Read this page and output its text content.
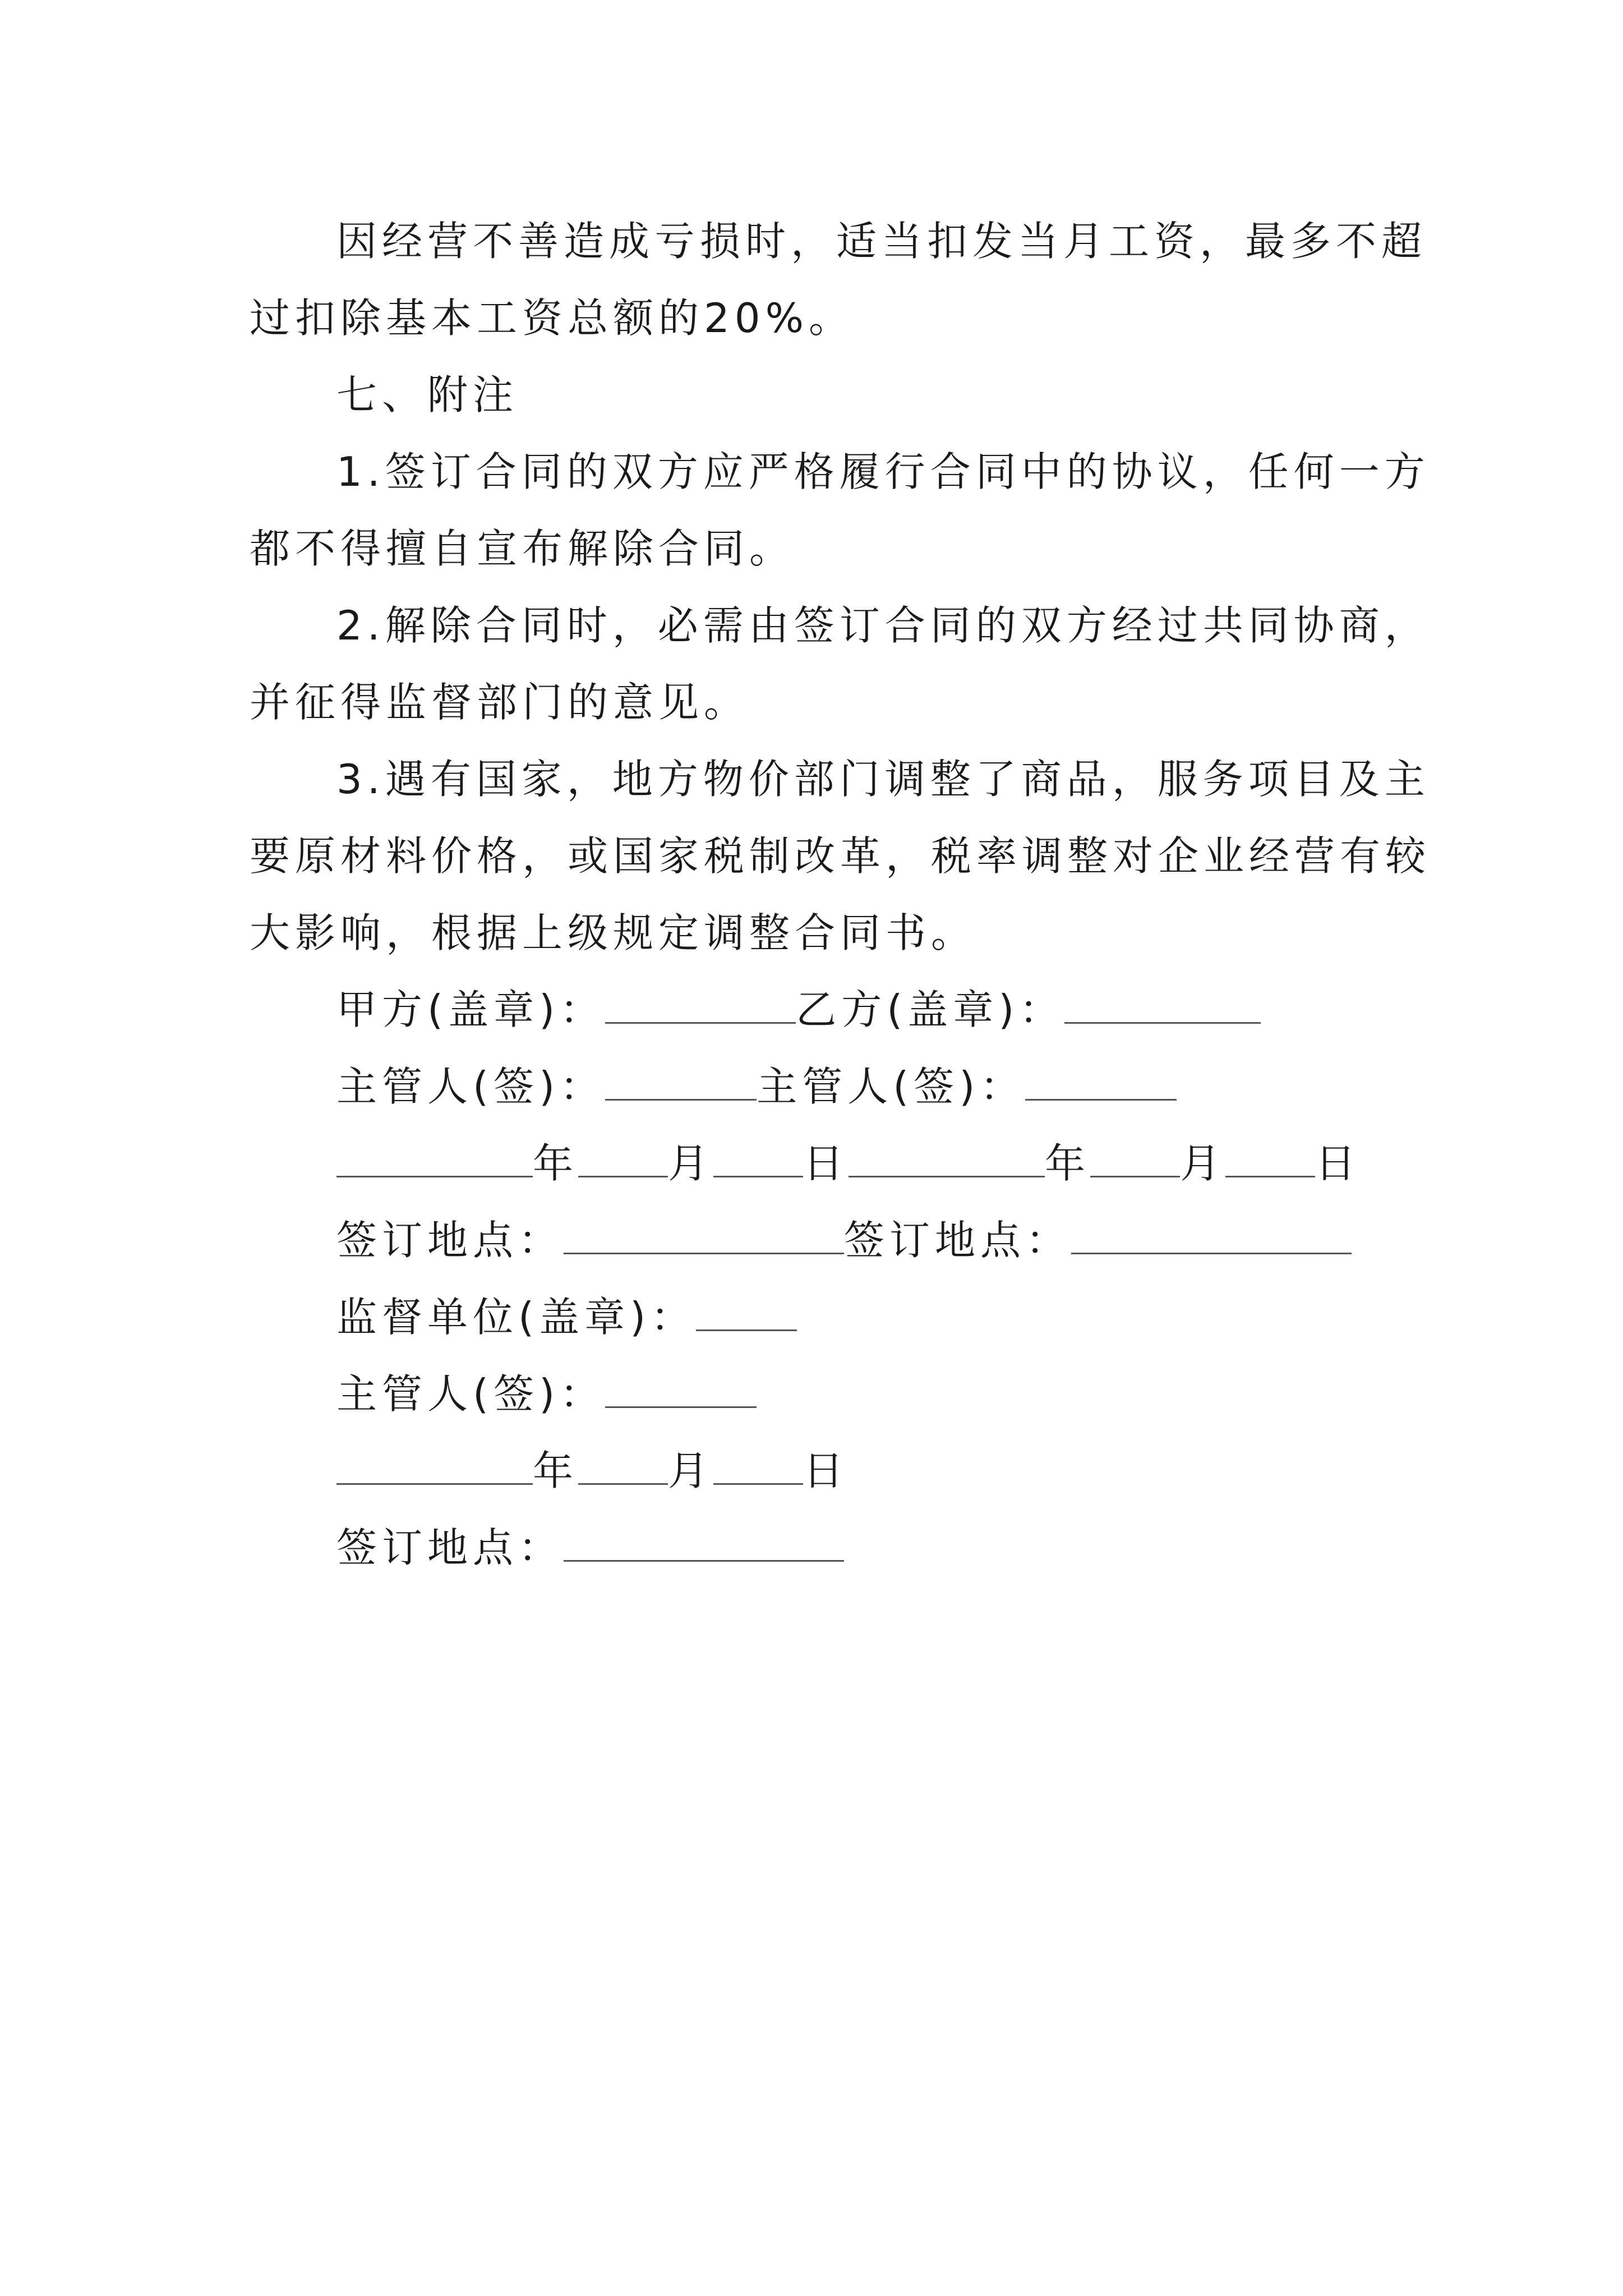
因经营不善造成亏损时，适当扣发当月工资，最多不超
过扣除基本工资总额的20%。
七、附注
1.签订合同的双方应严格履行合同中的协议，任何一方
都不得擅自宣布解除合同。
2.解除合同时，必需由签订合同的双方经过共同协商，
并征得监督部门的意见。
3.遇有国家，地方物价部门调整了商品，服务项目及主
要原材料价格，或国家税制改革，税率调整对企业经营有较
大影响，根据上级规定调整合同书。
甲方(盖章)：	乙方(盖章)：
主管人(签)：	主管人(签)：
年 月 日	年 月 日
签订地点：	签订地点：
监督单位(盖章)：
主管人(签)：
年 月 日
签订地点：
